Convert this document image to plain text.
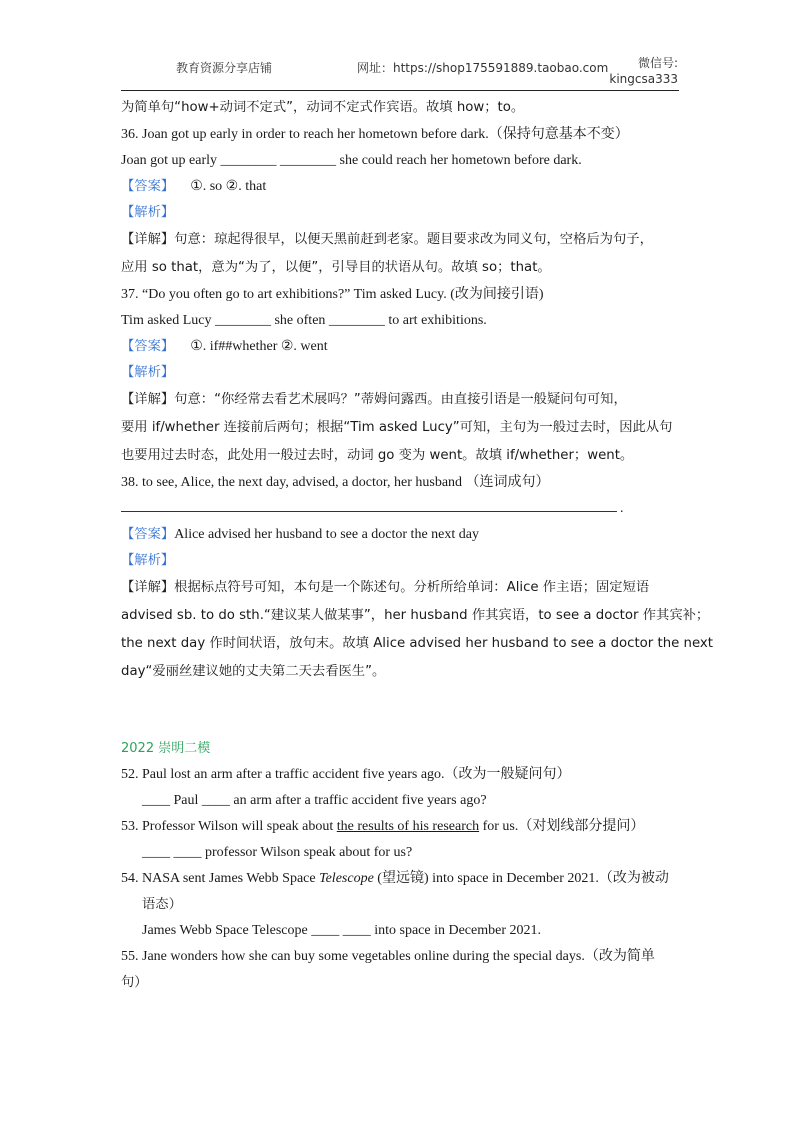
教育资源分享店铺	网址：https://shop175591889.taobao.com	微信号:
kingcsa333
为简单句“how+动词不定式”，动词不定式作宾语。故填 how；to。
36. Joan got up early in order to reach her hometown before dark.（保持句意基本不变）
Joan got up early ________ ________ she could reach her hometown before dark.
【答案】 ①. so ②. that
【解析】
【详解】句意：琼起得很早，以便天黑前赶到老家。题目要求改为同义句，空格后为句子，
应用 so that，意为“为了，以便”，引导目的状语从句。故填 so；that。
37. “Do you often go to art exhibitions?” Tim asked Lucy. (改为间接引语)
Tim asked Lucy ________ she often ________ to art exhibitions.
【答案】 ①. if##whether ②. went
【解析】
【详解】句意：“你经常去看艺术展吗？”蒂姆问露西。由直接引语是一般疑问句可知，
要用 if/whether 连接前后两句；根据“Tim asked Lucy”可知，主句为一般过去时，因此从句
也要用过去时态，此处用一般过去时，动词 go 变为 went。故填 if/whether；went。
38. to see, Alice, the next day, advised, a doctor, her husband （连词成句）
.
【答案】Alice advised her husband to see a doctor the next day
【解析】
【详解】根据标点符号可知，本句是一个陈述句。分析所给单词：Alice 作主语；固定短语
advised sb. to do sth.“建议某人做某事”，her husband 作其宾语，to see a doctor 作其宾补；
the next day 作时间状语，放句末。故填 Alice advised her husband to see a doctor the next
day“爱丽丝建议她的丈夫第二天去看医生”。
2022 崇明二模
52. Paul lost an arm after a traffic accident five years ago.（改为一般疑问句）
____ Paul ____ an arm after a traffic accident five years ago?
53. Professor Wilson will speak about the results of his research for us.（对划线部分提问）
____ ____ professor Wilson speak about for us?
54. NASA sent James Webb Space Telescope (望远镜) into space in December 2021.（改为被动
语态）
James Webb Space Telescope ____ ____ into space in December 2021.
55. Jane wonders how she can buy some vegetables online during the special days.（改为简单
句）
